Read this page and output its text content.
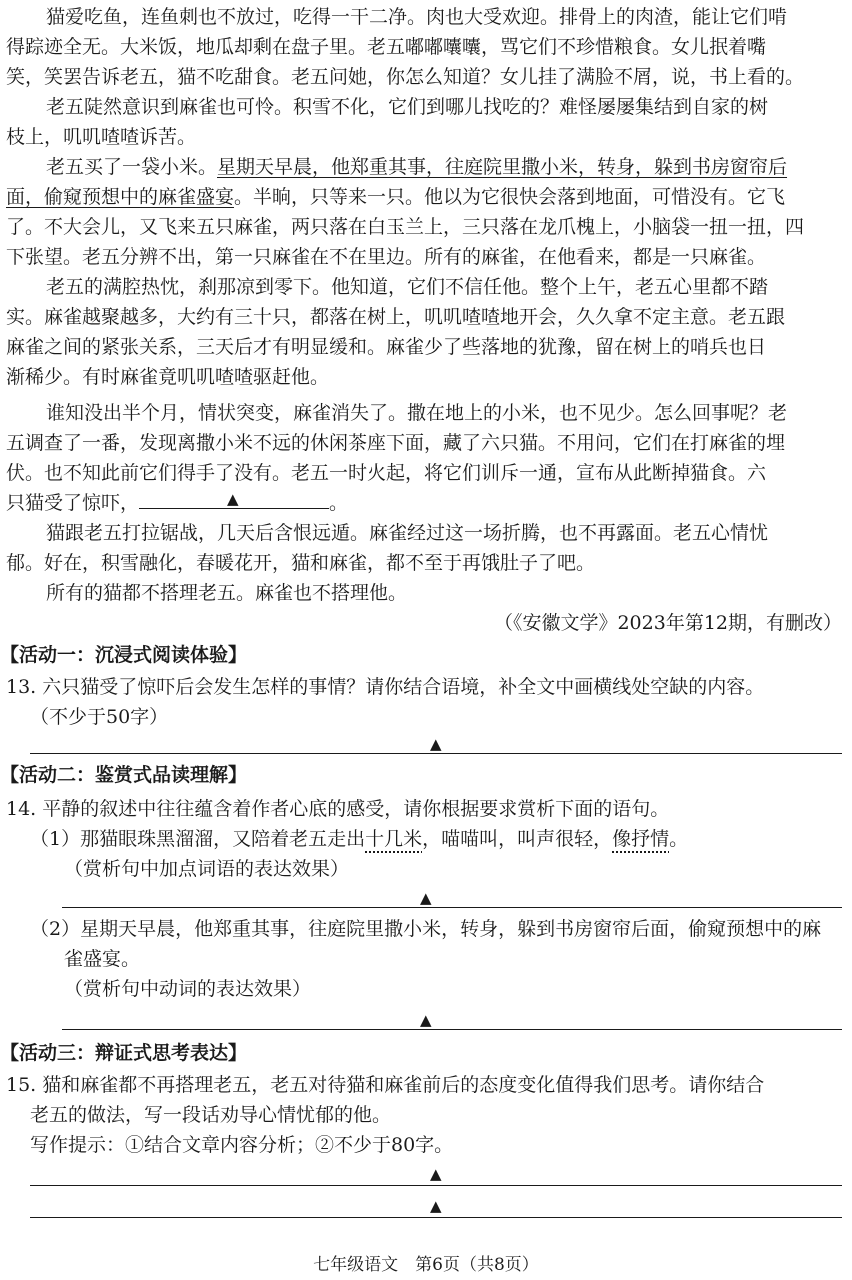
猫爱吃鱼，连鱼刺也不放过，吃得一干二净。肉也大受欢迎。排骨上的肉渣，能让它们啃
得踪迹全无。大米饭，地瓜却剩在盘子里。老五嘟嘟囔囔，骂它们不珍惜粮食。女儿抿着嘴
笑，笑罢告诉老五，猫不吃甜食。老五问她，你怎么知道？女儿挂了满脸不屑，说，书上看的。
老五陡然意识到麻雀也可怜。积雪不化，它们到哪儿找吃的？难怪屡屡集结到自家的树
枝上，叽叽喳喳诉苦。
老五买了一袋小米。星期天早晨，他郑重其事，往庭院里撒小米，转身，躲到书房窗帘后
面，偷窥预想中的麻雀盛宴。半晌，只等来一只。他以为它很快会落到地面，可惜没有。它飞
了。不大会儿，又飞来五只麻雀，两只落在白玉兰上，三只落在龙爪槐上，小脑袋一扭一扭，四
下张望。老五分辨不出，第一只麻雀在不在里边。所有的麻雀，在他看来，都是一只麻雀。
老五的满腔热忱，刹那凉到零下。他知道，它们不信任他。整个上午，老五心里都不踏
实。麻雀越聚越多，大约有三十只，都落在树上，叽叽喳喳地开会，久久拿不定主意。老五跟
麻雀之间的紧张关系，三天后才有明显缓和。麻雀少了些落地的犹豫，留在树上的哨兵也日
渐稀少。有时麻雀竟叽叽喳喳驱赶他。
谁知没出半个月，情状突变，麻雀消失了。撒在地上的小米，也不见少。怎么回事呢？老
五调查了一番，发现离撒小米不远的休闲茶座下面，藏了六只猫。不用问，它们在打麻雀的埋
伏。也不知此前它们得手了没有。老五一时火起，将它们训斥一通，宣布从此断掉猫食。六
只猫受了惊吓，	▲	。
猫跟老五打拉锯战，几天后含恨远遁。麻雀经过这一场折腾，也不再露面。老五心情忧
郁。好在，积雪融化，春暖花开，猫和麻雀，都不至于再饿肚子了吧。
所有的猫都不搭理老五。麻雀也不搭理他。
（《安徽文学》2023年第12期，有删改）
【活动一：沉浸式阅读体验】
13. 六只猫受了惊吓后会发生怎样的事情？请你结合语境，补全文中画横线处空缺的内容。
（不少于50字）
▲
【活动二：鉴赏式品读理解】
14. 平静的叙述中往往蕴含着作者心底的感受，请你根据要求赏析下面的语句。
（1）那猫眼珠黑溜溜，又陪着老五走出十几米，喵喵叫，叫声很轻，像抒情。
（赏析句中加点词语的表达效果）
▲
（2）星期天早晨，他郑重其事，往庭院里撒小米，转身，躲到书房窗帘后面，偷窥预想中的麻
雀盛宴。
（赏析句中动词的表达效果）
▲
【活动三：辩证式思考表达】
15. 猫和麻雀都不再搭理老五，老五对待猫和麻雀前后的态度变化值得我们思考。请你结合
老五的做法，写一段话劝导心情忧郁的他。
写作提示：①结合文章内容分析；②不少于80字。
▲
▲
七年级语文　第6页（共8页）
